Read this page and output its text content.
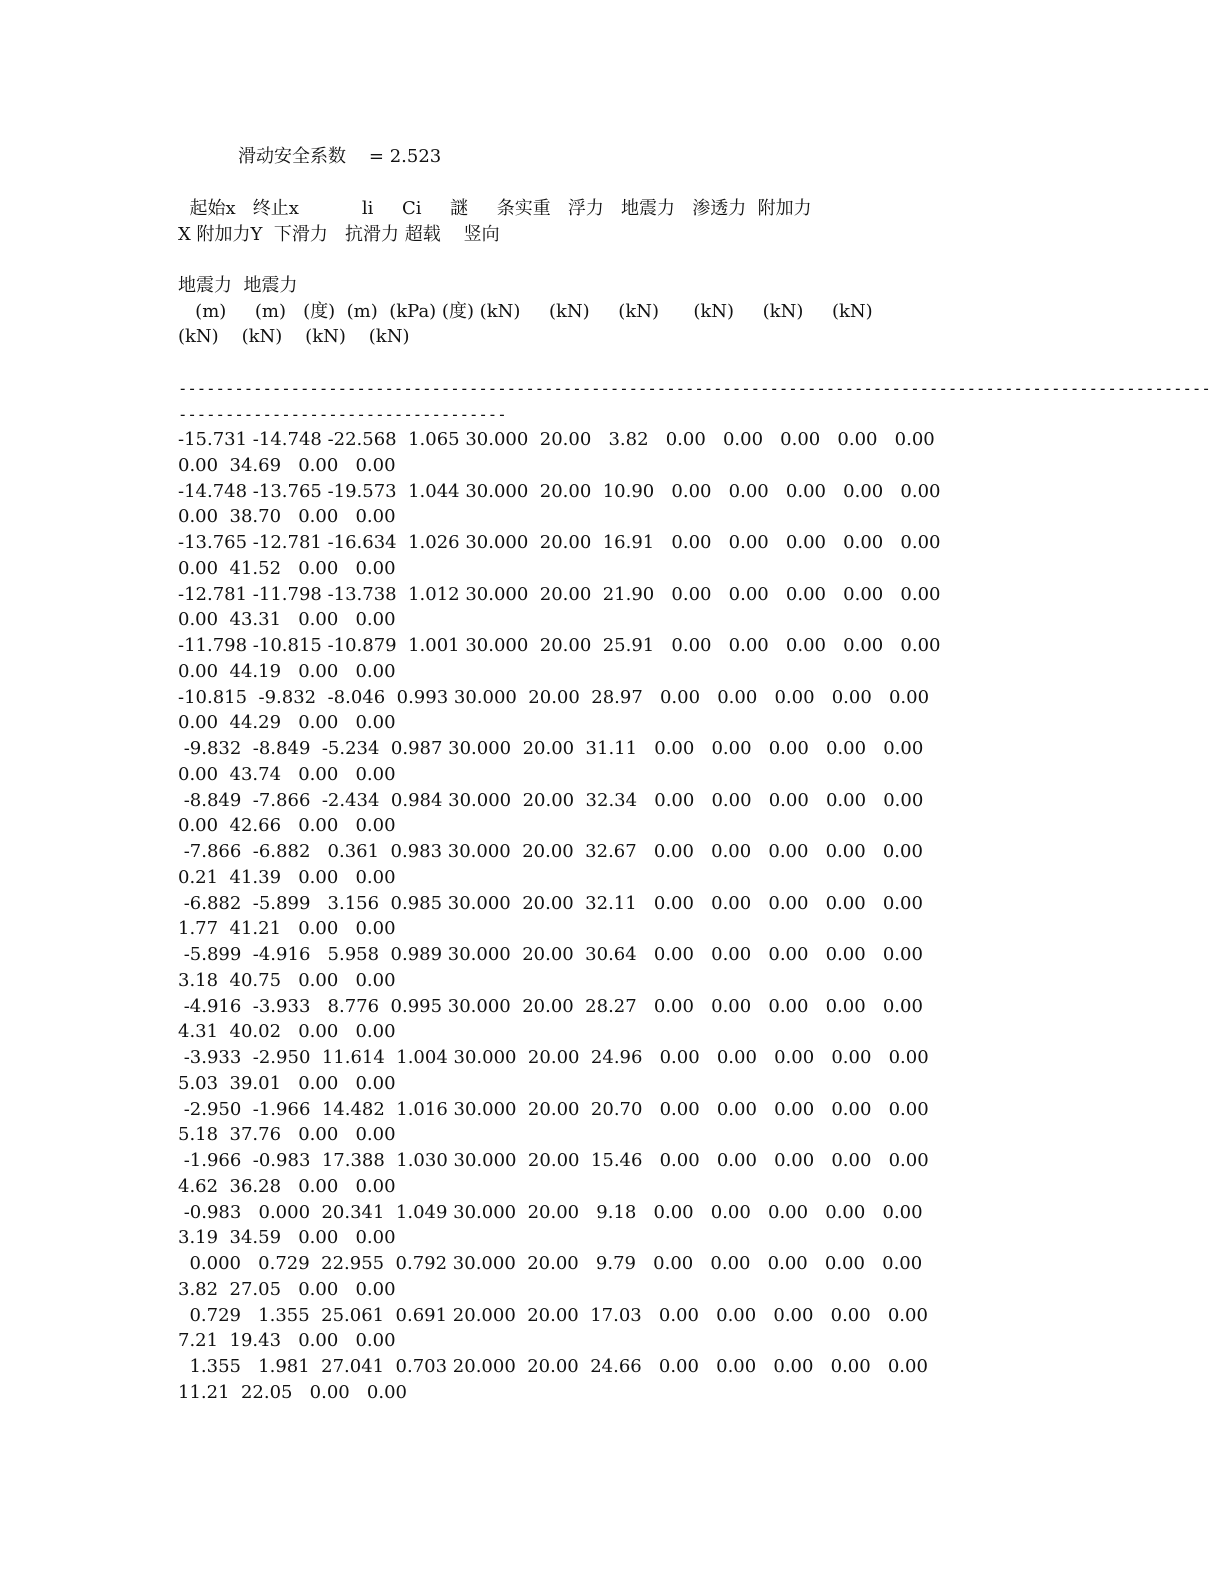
滑动安全系数    = 2.523
起始x   终止x           li     Ci     謎     条实重   浮力   地震力   渗透力  附加力
X 附加力Y  下滑力   抗滑力 超载    竖向
地震力  地震力
(m)     (m)   (度)  (m)  (kPa) (度) (kN)     (kN)     (kN)      (kN)     (kN)     (kN)
(kN)    (kN)    (kN)    (kN)
--------------------------------------------------------------------------------------------------------------
-----------------------------------
-15.731 -14.748 -22.568  1.065 30.000  20.00   3.82   0.00   0.00   0.00   0.00   0.00
0.00  34.69   0.00   0.00
-14.748 -13.765 -19.573  1.044 30.000  20.00  10.90   0.00   0.00   0.00   0.00   0.00
0.00  38.70   0.00   0.00
-13.765 -12.781 -16.634  1.026 30.000  20.00  16.91   0.00   0.00   0.00   0.00   0.00
0.00  41.52   0.00   0.00
-12.781 -11.798 -13.738  1.012 30.000  20.00  21.90   0.00   0.00   0.00   0.00   0.00
0.00  43.31   0.00   0.00
-11.798 -10.815 -10.879  1.001 30.000  20.00  25.91   0.00   0.00   0.00   0.00   0.00
0.00  44.19   0.00   0.00
-10.815  -9.832  -8.046  0.993 30.000  20.00  28.97   0.00   0.00   0.00   0.00   0.00
0.00  44.29   0.00   0.00
-9.832  -8.849  -5.234  0.987 30.000  20.00  31.11   0.00   0.00   0.00   0.00   0.00
0.00  43.74   0.00   0.00
-8.849  -7.866  -2.434  0.984 30.000  20.00  32.34   0.00   0.00   0.00   0.00   0.00
0.00  42.66   0.00   0.00
-7.866  -6.882   0.361  0.983 30.000  20.00  32.67   0.00   0.00   0.00   0.00   0.00
0.21  41.39   0.00   0.00
-6.882  -5.899   3.156  0.985 30.000  20.00  32.11   0.00   0.00   0.00   0.00   0.00
1.77  41.21   0.00   0.00
-5.899  -4.916   5.958  0.989 30.000  20.00  30.64   0.00   0.00   0.00   0.00   0.00
3.18  40.75   0.00   0.00
-4.916  -3.933   8.776  0.995 30.000  20.00  28.27   0.00   0.00   0.00   0.00   0.00
4.31  40.02   0.00   0.00
-3.933  -2.950  11.614  1.004 30.000  20.00  24.96   0.00   0.00   0.00   0.00   0.00
5.03  39.01   0.00   0.00
-2.950  -1.966  14.482  1.016 30.000  20.00  20.70   0.00   0.00   0.00   0.00   0.00
5.18  37.76   0.00   0.00
-1.966  -0.983  17.388  1.030 30.000  20.00  15.46   0.00   0.00   0.00   0.00   0.00
4.62  36.28   0.00   0.00
-0.983   0.000  20.341  1.049 30.000  20.00   9.18   0.00   0.00   0.00   0.00   0.00
3.19  34.59   0.00   0.00
0.000   0.729  22.955  0.792 30.000  20.00   9.79   0.00   0.00   0.00   0.00   0.00
3.82  27.05   0.00   0.00
0.729   1.355  25.061  0.691 20.000  20.00  17.03   0.00   0.00   0.00   0.00   0.00
7.21  19.43   0.00   0.00
1.355   1.981  27.041  0.703 20.000  20.00  24.66   0.00   0.00   0.00   0.00   0.00
11.21  22.05   0.00   0.00
